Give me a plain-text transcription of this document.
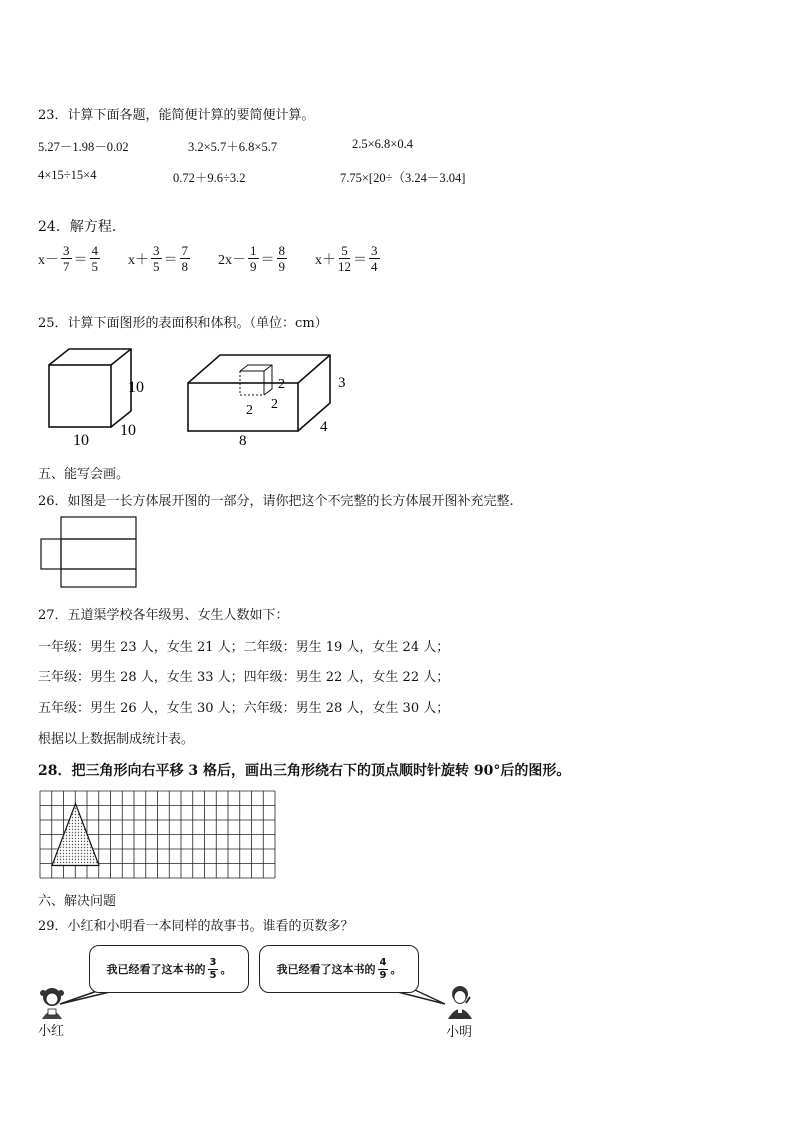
23．计算下面各题，能简便计算的要简便计算。
5.27－1.98－0.02	3.2×5.7＋6.8×5.7	2.5×6.8×0.4
4×15÷15×4	0.72＋9.6÷3.2	7.75×[20÷（3.24－3.04]
24．解方程．
$x- \frac{3}{7} = \frac{4}{5} x+ \frac{3}{5} = \frac{7}{8} 2x- \frac{1}{9} = \frac{8}{9} x+ \frac{5}{12} = \frac{3}{4}$
25．计算下面图形的表面积和体积。（单位：cm）
10
10
10
2
2 2
3
4
8
五、能写会画。
26．如图是一长方体展开图的一部分，请你把这个不完整的长方体展开图补充完整.
27．五道渠学校各年级男、女生人数如下：
一年级：男生 23 人，女生 21 人；二年级：男生 19 人，女生 24 人；
三年级：男生 28 人，女生 33 人；四年级：男生 22 人，女生 22 人；
五年级：男生 26 人，女生 30 人；六年级：男生 28 人，女生 30 人；
根据以上数据制成统计表。
28．把三角形向右平移 3 格后，画出三角形绕右下的顶点顺时针旋转 90°后的图形。
六、解决问题
29．小红和小明看一本同样的故事书。谁看的页数多？
我已经看了这本书的 $\frac{3}{5}$ 。	我已经看了这本书的 $\frac{4}{9}$ 。
小红	小明
